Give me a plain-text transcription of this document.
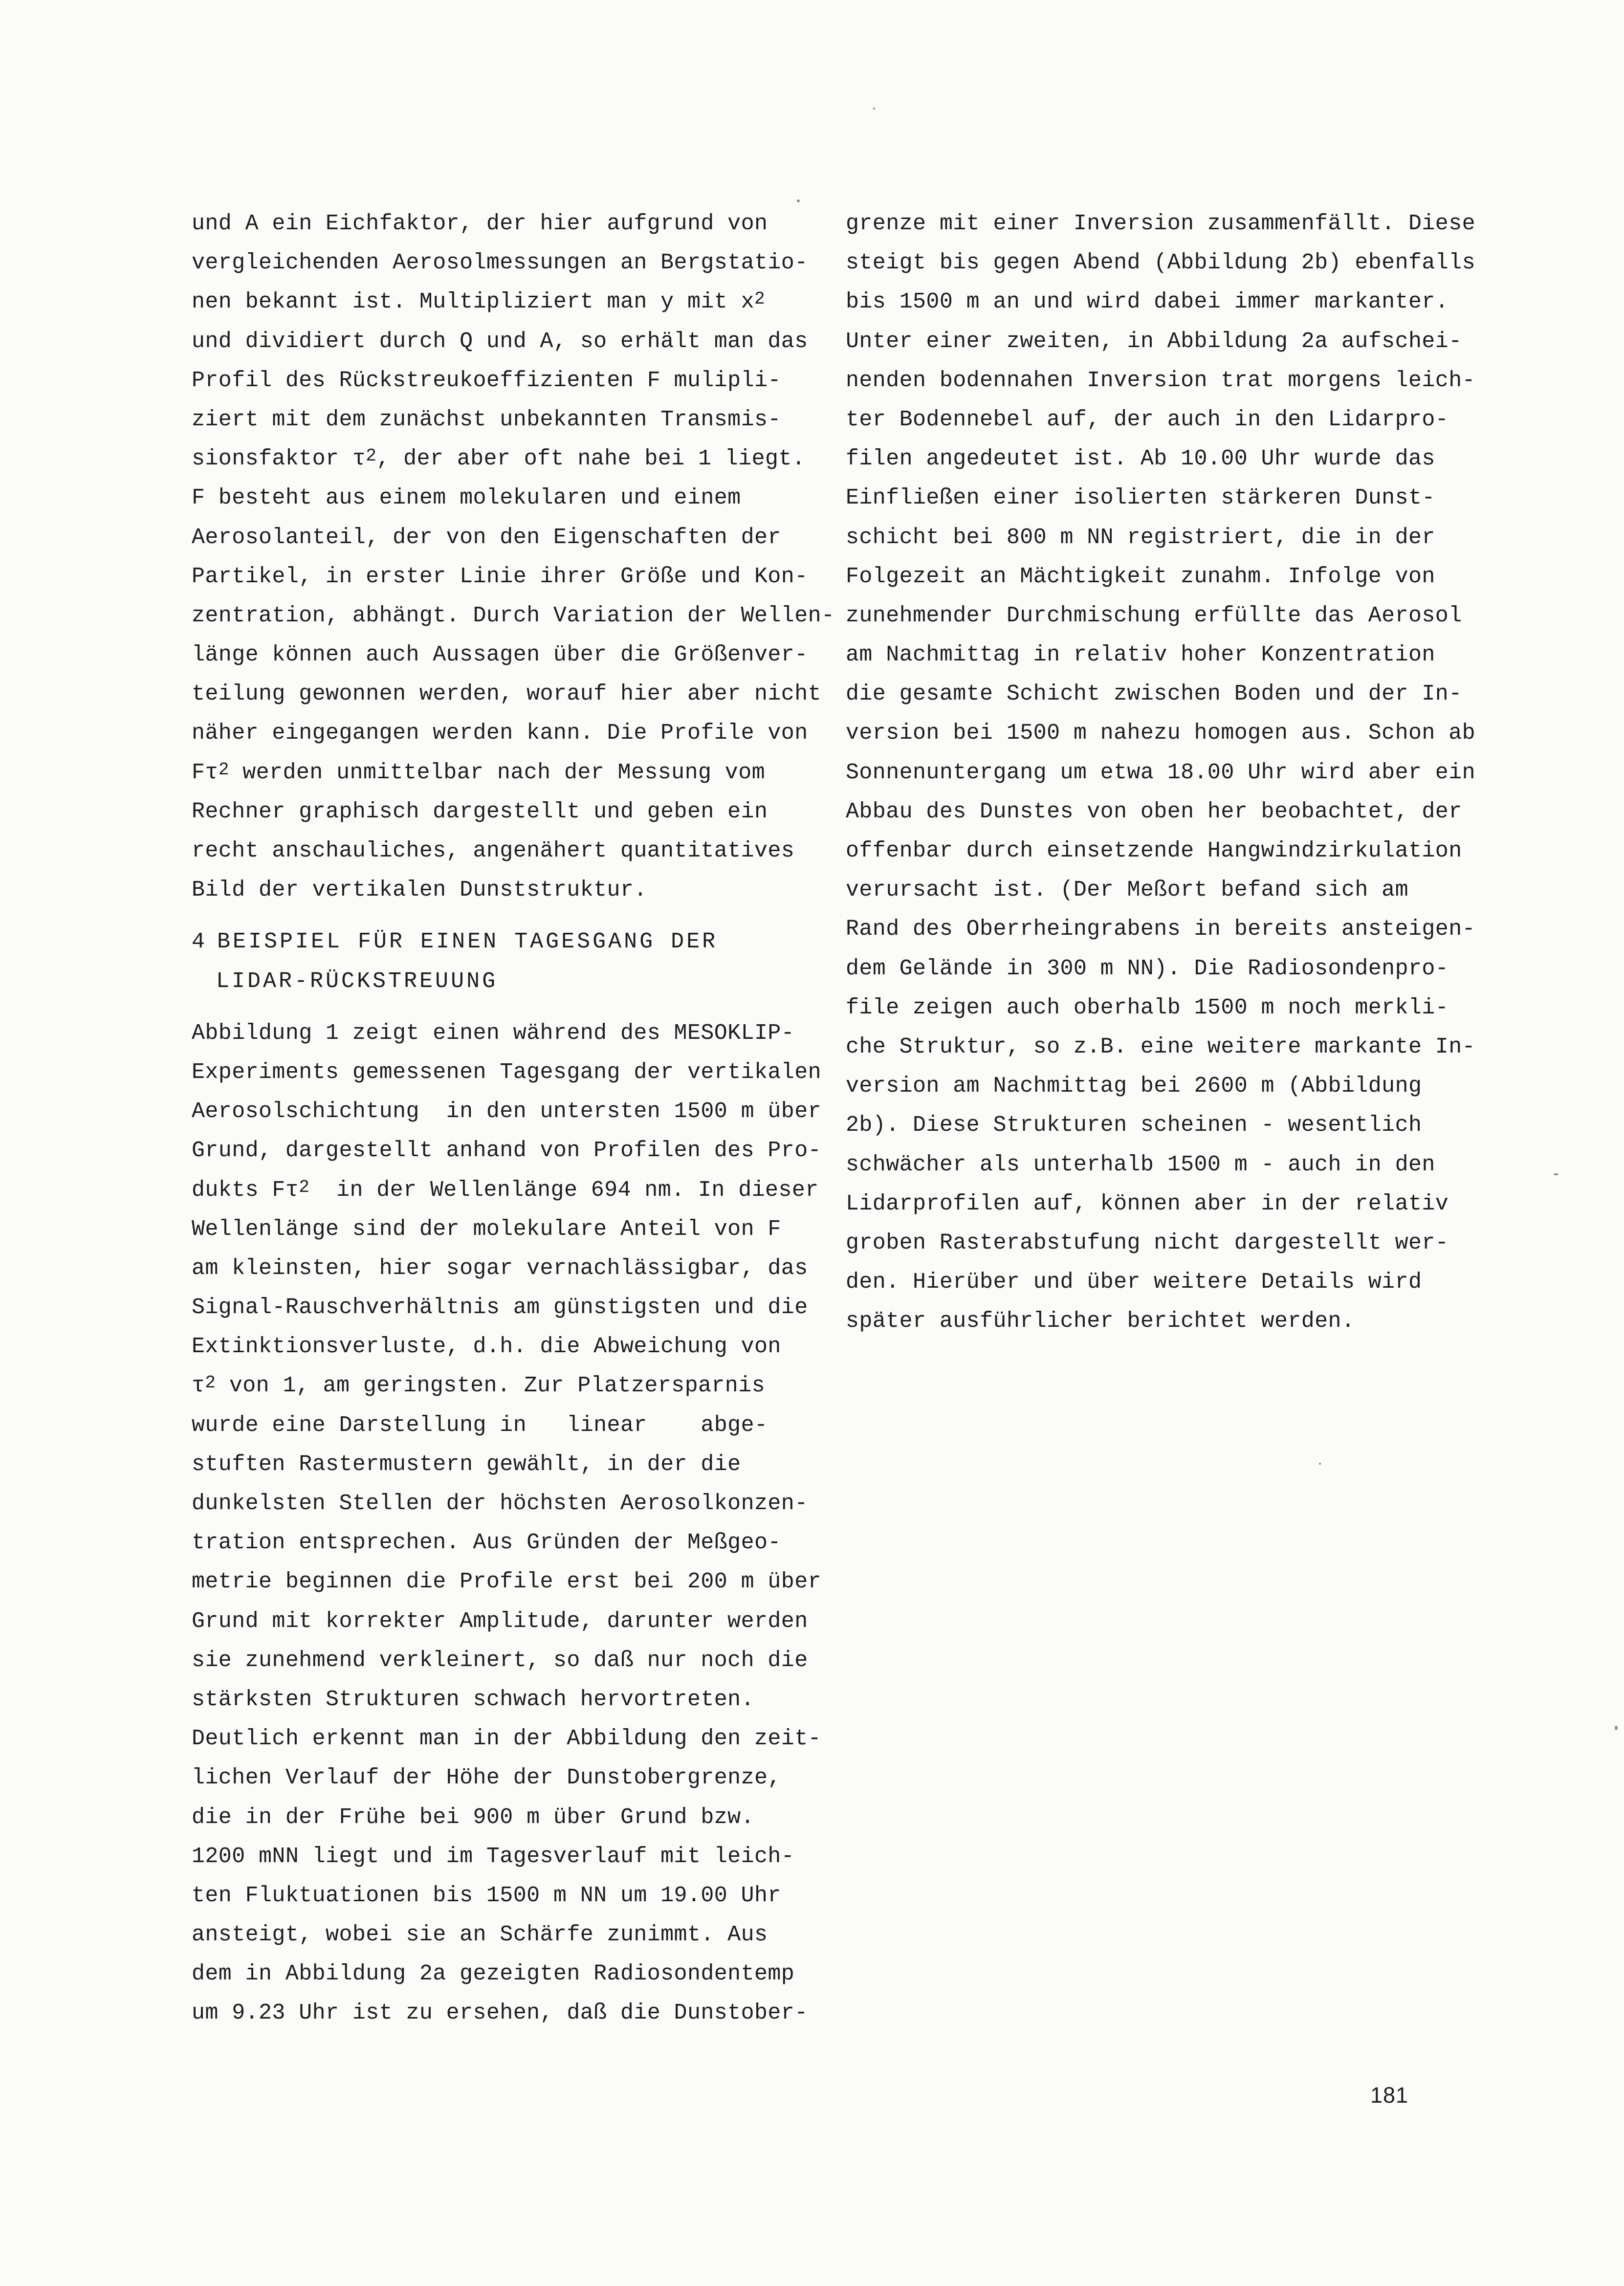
und A ein Eichfaktor, der hier aufgrund von
vergleichenden Aerosolmessungen an Bergstatio-
nen bekannt ist. Multipliziert man y mit $x^2$
und dividiert durch Q und A, so erhält man das
Profil des Rückstreukoeffizienten F mulipli-
ziert mit dem zunächst unbekannten Transmis-
sionsfaktor $\tau^2$, der aber oft nahe bei 1 liegt.
F besteht aus einem molekularen und einem
Aerosolanteil, der von den Eigenschaften der
Partikel, in erster Linie ihrer Größe und Kon-
zentration, abhängt. Durch Variation der Wellen-
länge können auch Aussagen über die Größenver-
teilung gewonnen werden, worauf hier aber nicht
näher eingegangen werden kann. Die Profile von
$F\tau^2$ werden unmittelbar nach der Messung vom
Rechner graphisch dargestellt und geben ein
recht anschauliches, angenähert quantitatives
Bild der vertikalen Dunststruktur.
4 BEISPIEL FÜR EINEN TAGESGANG DER
LIDAR-RÜCKSTREUUNG
Abbildung 1 zeigt einen während des MESOKLIP-
Experiments gemessenen Tagesgang der vertikalen
Aerosolschichtung  in den untersten 1500 m über
Grund, dargestellt anhand von Profilen des Pro-
dukts $F\tau^2$  in der Wellenlänge 694 nm. In dieser
Wellenlänge sind der molekulare Anteil von F
am kleinsten, hier sogar vernachlässigbar, das
Signal-Rauschverhältnis am günstigsten und die
Extinktionsverluste, d.h. die Abweichung von
$\tau^2$ von 1, am geringsten. Zur Platzersparnis
wurde eine Darstellung in   linear    abge-
stuften Rastermustern gewählt, in der die
dunkelsten Stellen der höchsten Aerosolkonzen-
tration entsprechen. Aus Gründen der Meßgeo-
metrie beginnen die Profile erst bei 200 m über
Grund mit korrekter Amplitude, darunter werden
sie zunehmend verkleinert, so daß nur noch die
stärksten Strukturen schwach hervortreten.
Deutlich erkennt man in der Abbildung den zeit-
lichen Verlauf der Höhe der Dunstobergrenze,
die in der Frühe bei 900 m über Grund bzw.
1200 mNN liegt und im Tagesverlauf mit leich-
ten Fluktuationen bis 1500 m NN um 19.00 Uhr
ansteigt, wobei sie an Schärfe zunimmt. Aus
dem in Abbildung 2a gezeigten Radiosondentemp
um 9.23 Uhr ist zu ersehen, daß die Dunstober-
grenze mit einer Inversion zusammenfällt. Diese
steigt bis gegen Abend (Abbildung 2b) ebenfalls
bis 1500 m an und wird dabei immer markanter.
Unter einer zweiten, in Abbildung 2a aufschei-
nenden bodennahen Inversion trat morgens leich-
ter Bodennebel auf, der auch in den Lidarpro-
filen angedeutet ist. Ab 10.00 Uhr wurde das
Einfließen einer isolierten stärkeren Dunst-
schicht bei 800 m NN registriert, die in der
Folgezeit an Mächtigkeit zunahm. Infolge von
zunehmender Durchmischung erfüllte das Aerosol
am Nachmittag in relativ hoher Konzentration
die gesamte Schicht zwischen Boden und der In-
version bei 1500 m nahezu homogen aus. Schon ab
Sonnenuntergang um etwa 18.00 Uhr wird aber ein
Abbau des Dunstes von oben her beobachtet, der
offenbar durch einsetzende Hangwindzirkulation
verursacht ist. (Der Meßort befand sich am
Rand des Oberrheingrabens in bereits ansteigen-
dem Gelände in 300 m NN). Die Radiosondenpro-
file zeigen auch oberhalb 1500 m noch merkli-
che Struktur, so z.B. eine weitere markante In-
version am Nachmittag bei 2600 m (Abbildung
2b). Diese Strukturen scheinen - wesentlich
schwächer als unterhalb 1500 m - auch in den
Lidarprofilen auf, können aber in der relativ
groben Rasterabstufung nicht dargestellt wer-
den. Hierüber und über weitere Details wird
später ausführlicher berichtet werden.
181
